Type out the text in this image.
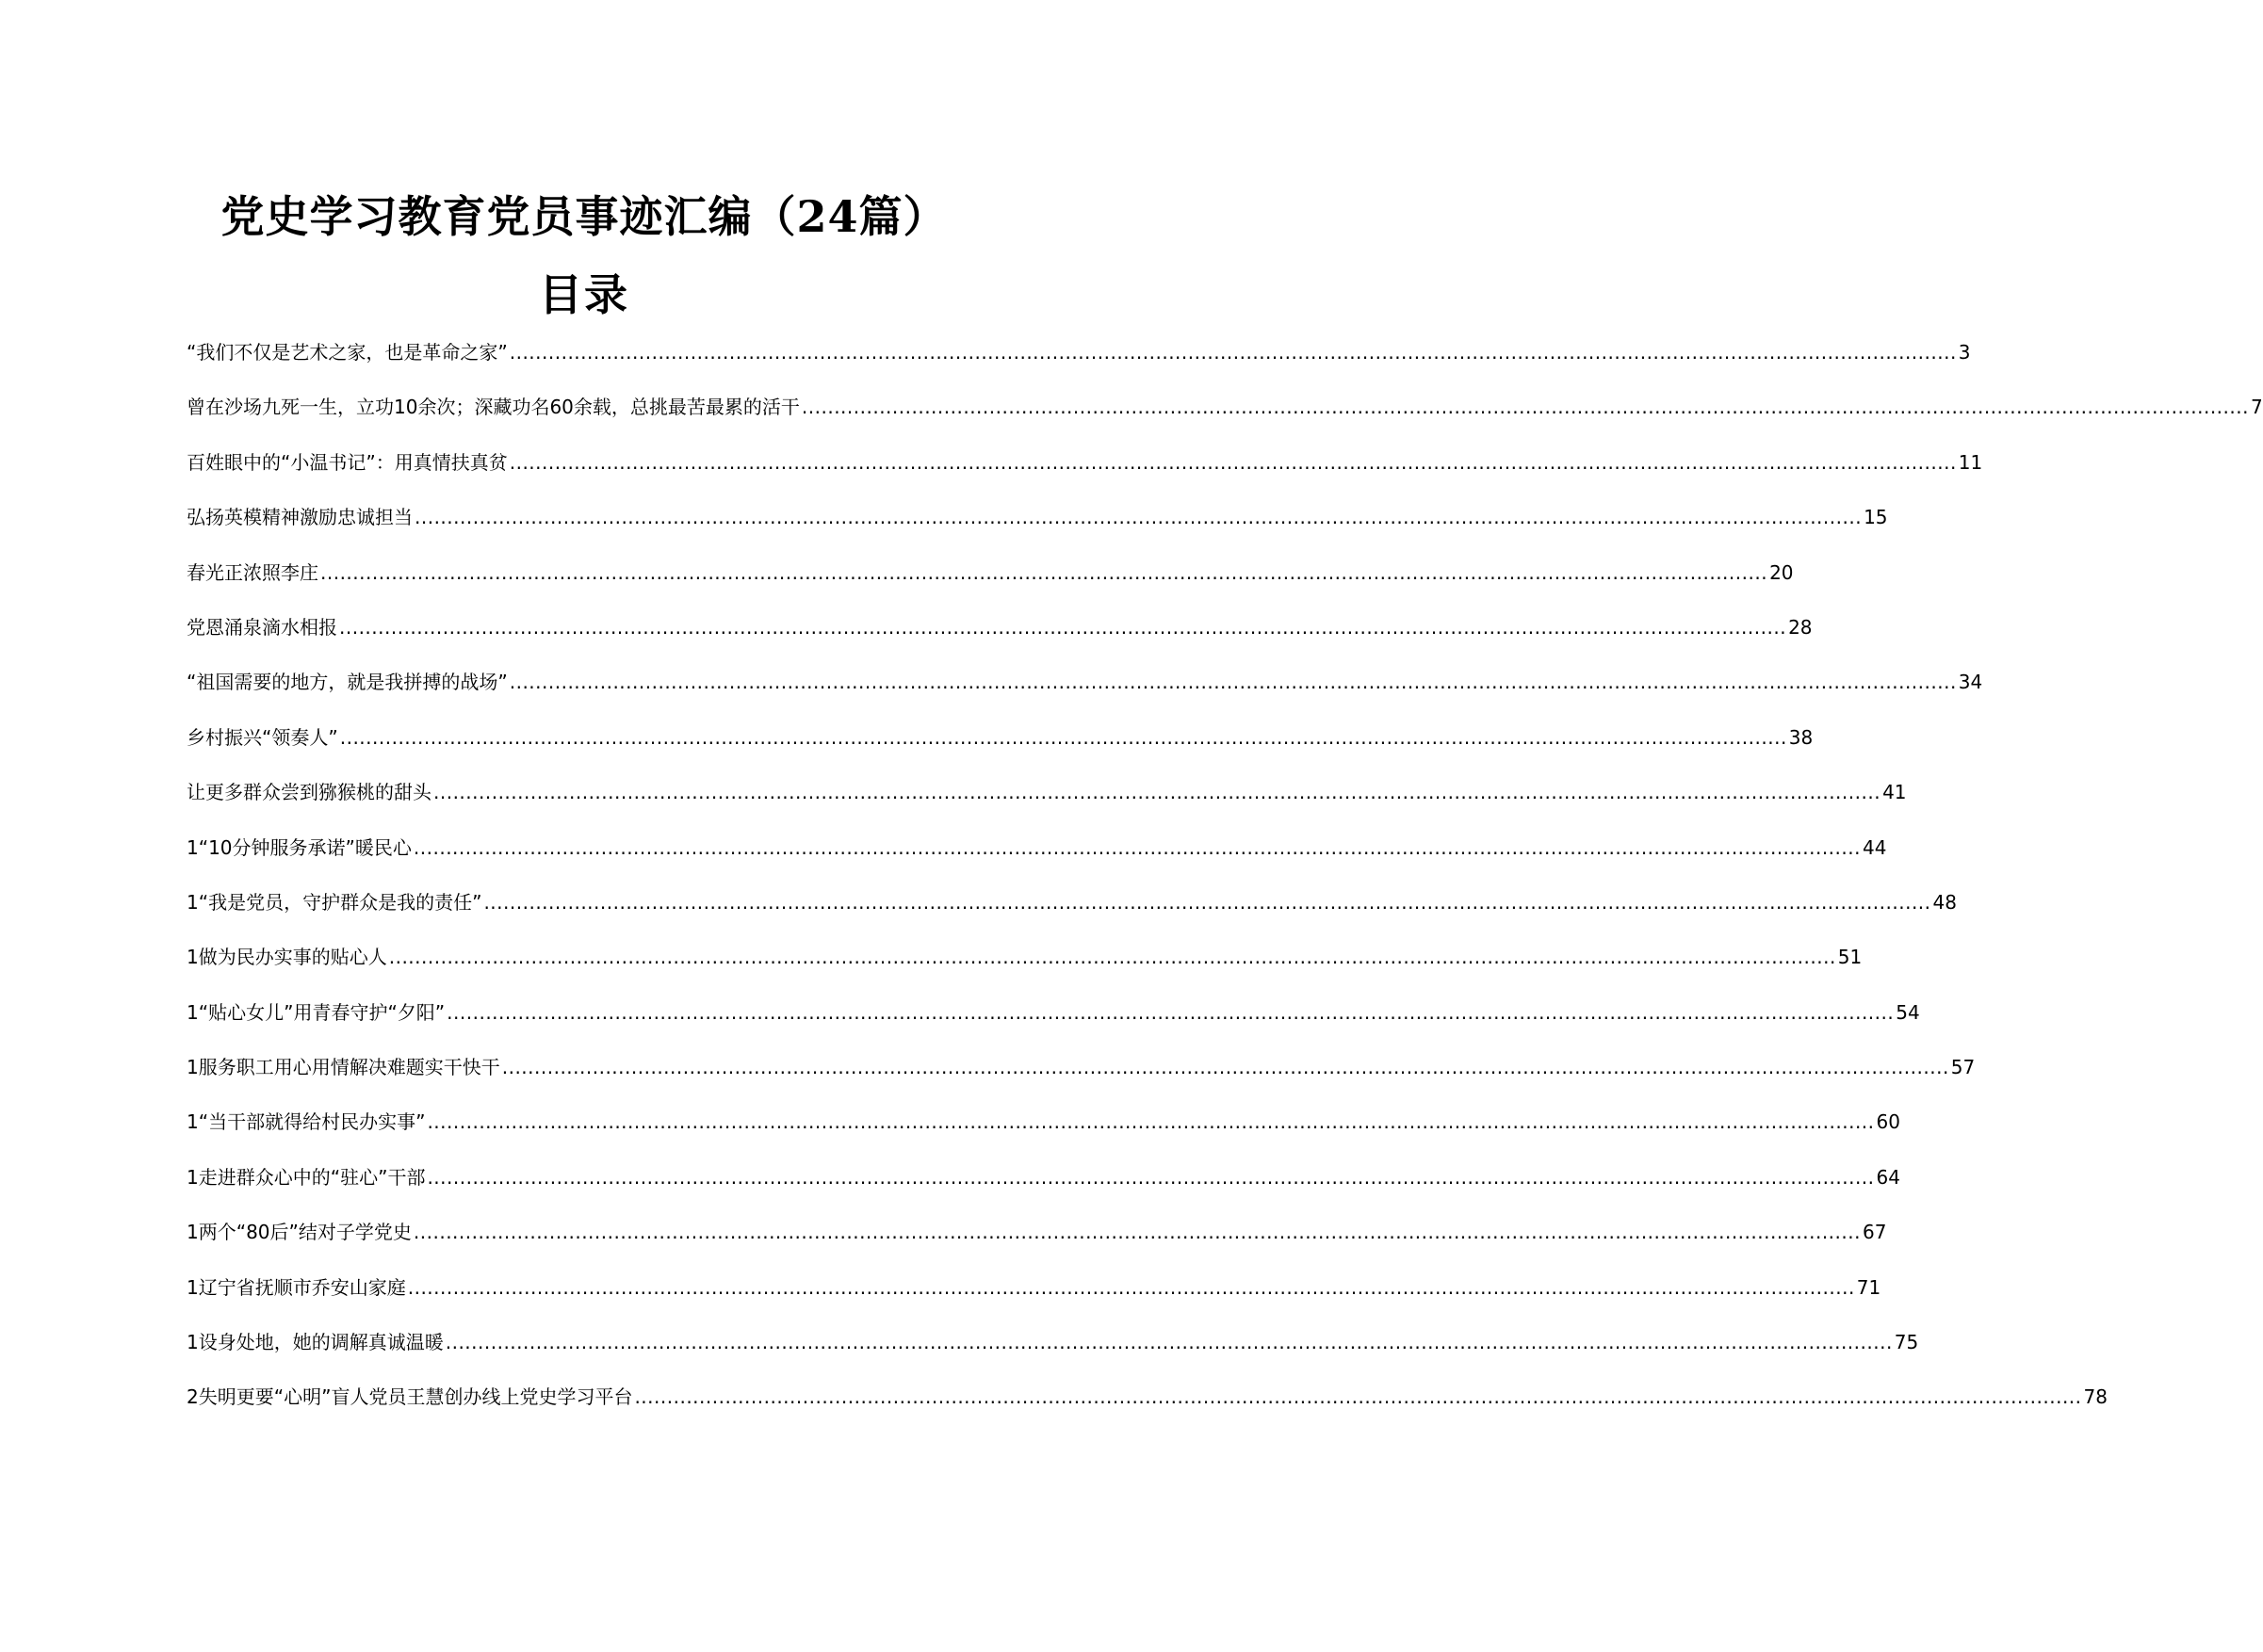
党史学习教育党员事迹汇编（24篇）
目录
“我们不仅是艺术之家，也是革命之家” .....	3
曾在沙场九死一生，立功10余次；深藏功名60余载，总挑最苦最累的活干 .....	7
百姓眼中的“小温书记”：用真情扶真贫 .....	11
弘扬英模精神激励忠诚担当 .....	15
春光正浓照李庄 .....	20
党恩涌泉滴水相报 .....	28
“祖国需要的地方，就是我拼搏的战场” .....	34
乡村振兴“领奏人” .....	38
让更多群众尝到猕猴桃的甜头 .....	41
1“10分钟服务承诺”暖民心 .....	44
1“我是党员，守护群众是我的责任” .....	48
1做为民办实事的贴心人 .....	51
1“贴心女儿”用青春守护“夕阳” .....	54
1服务职工用心用情解决难题实干快干 .....	57
1“当干部就得给村民办实事” .....	60
1走进群众心中的“驻心”干部 .....	64
1两个“80后”结对子学党史 .....	67
1辽宁省抚顺市乔安山家庭 .....	71
1设身处地，她的调解真诚温暖 .....	75
2失明更要“心明”盲人党员王慧创办线上党史学习平台 .....	78
